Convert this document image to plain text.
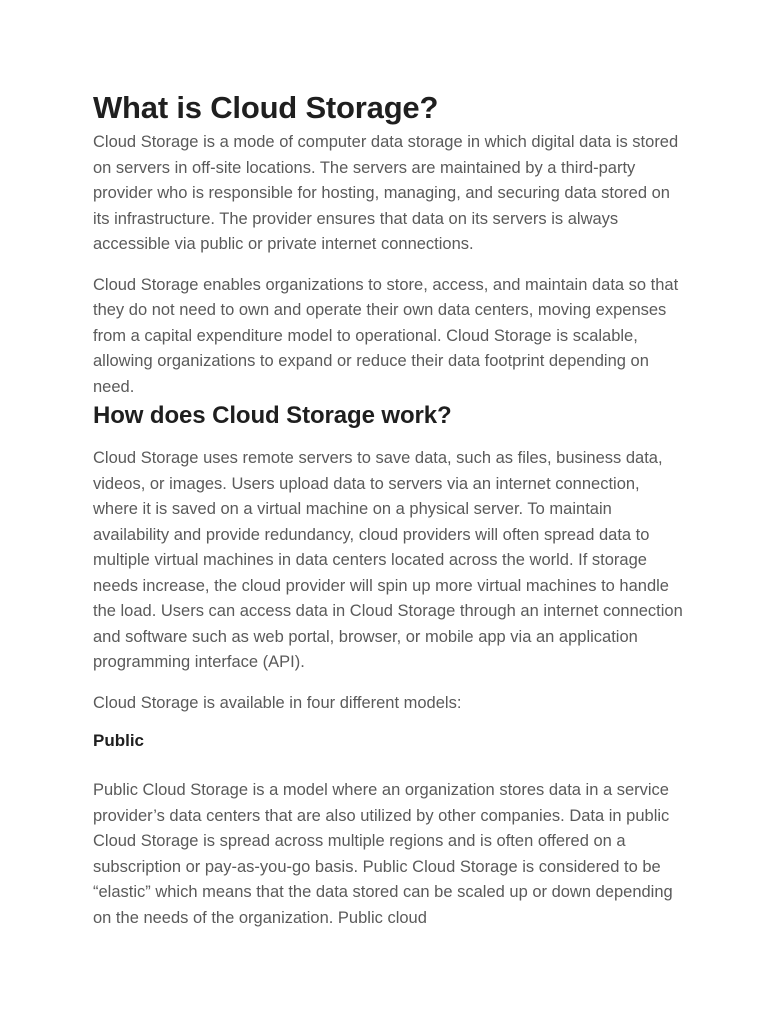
What is Cloud Storage?

Cloud Storage is a mode of computer data storage in which digital data is stored on servers in off-site locations. The servers are maintained by a third-party provider who is responsible for hosting, managing, and securing data stored on its infrastructure. The provider ensures that data on its servers is always accessible via public or private internet connections.

Cloud Storage enables organizations to store, access, and maintain data so that they do not need to own and operate their own data centers, moving expenses from a capital expenditure model to operational. Cloud Storage is scalable, allowing organizations to expand or reduce their data footprint depending on need.

How does Cloud Storage work?

Cloud Storage uses remote servers to save data, such as files, business data, videos, or images. Users upload data to servers via an internet connection, where it is saved on a virtual machine on a physical server. To maintain availability and provide redundancy, cloud providers will often spread data to multiple virtual machines in data centers located across the world. If storage needs increase, the cloud provider will spin up more virtual machines to handle the load. Users can access data in Cloud Storage through an internet connection and software such as web portal, browser, or mobile app via an application programming interface (API).

Cloud Storage is available in four different models:

Public

Public Cloud Storage is a model where an organization stores data in a service provider’s data centers that are also utilized by other companies. Data in public Cloud Storage is spread across multiple regions and is often offered on a subscription or pay-as-you-go basis. Public Cloud Storage is considered to be “elastic” which means that the data stored can be scaled up or down depending on the needs of the organization. Public cloud
